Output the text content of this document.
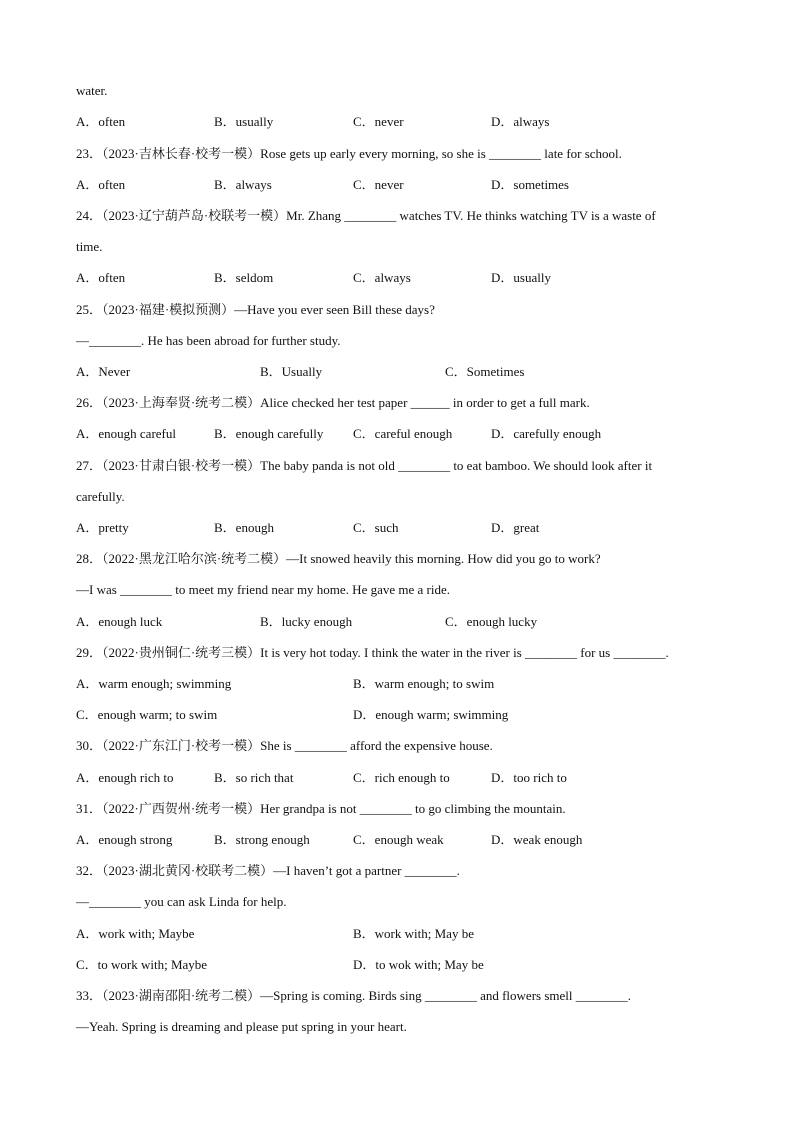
water.
A．often	B．usually	C．never	D．always
23．（2023·吉林长春·校考一模）Rose gets up early every morning, so she is ________ late for school.
A．often	B．always	C．never	D．sometimes
24．（2023·辽宁葫芦岛·校联考一模）Mr. Zhang ________ watches TV. He thinks watching TV is a waste of
time.
A．often	B．seldom	C．always	D．usually
25．（2023·福建·模拟预测）—Have you ever seen Bill these days?
—________. He has been abroad for further study.
A．Never	B．Usually	C．Sometimes
26．（2023·上海奉贤·统考二模）Alice checked her test paper ______ in order to get a full mark.
A．enough careful	B．enough carefully C．careful enough	D．carefully enough
27．（2023·甘肃白银·校考一模）The baby panda is not old ________ to eat bamboo. We should look after it
carefully.
A．pretty	B．enough	C．such	D．great
28．（2022·黑龙江哈尔滨·统考二模）—It snowed heavily this morning. How did you go to work?
—I was ________ to meet my friend near my home. He gave me a ride.
A．enough luck	B．lucky enough	C．enough lucky
29．（2022·贵州铜仁·统考三模）It is very hot today. I think the water in the river is ________ for us ________.
A．warm enough; swimming	B．warm enough; to swim
C．enough warm; to swim	D．enough warm; swimming
30．（2022·广东江门·校考一模）She is ________ afford the expensive house.
A．enough rich to	B．so rich that	C．rich enough to	D．too rich to
31．（2022·广西贺州·统考一模）Her grandpa is not ________ to go climbing the mountain.
A．enough strong	B．strong enough	C．enough weak	D．weak enough
32．（2023·湖北黄冈·校联考二模）—I haven’t got a partner ________.
—________ you can ask Linda for help.
A．work with; Maybe	B．work with; May be
C．to work with; Maybe	D．to wok with; May be
33．（2023·湖南邵阳·统考二模）—Spring is coming. Birds sing ________ and flowers smell ________.
—Yeah. Spring is dreaming and please put spring in your heart.
